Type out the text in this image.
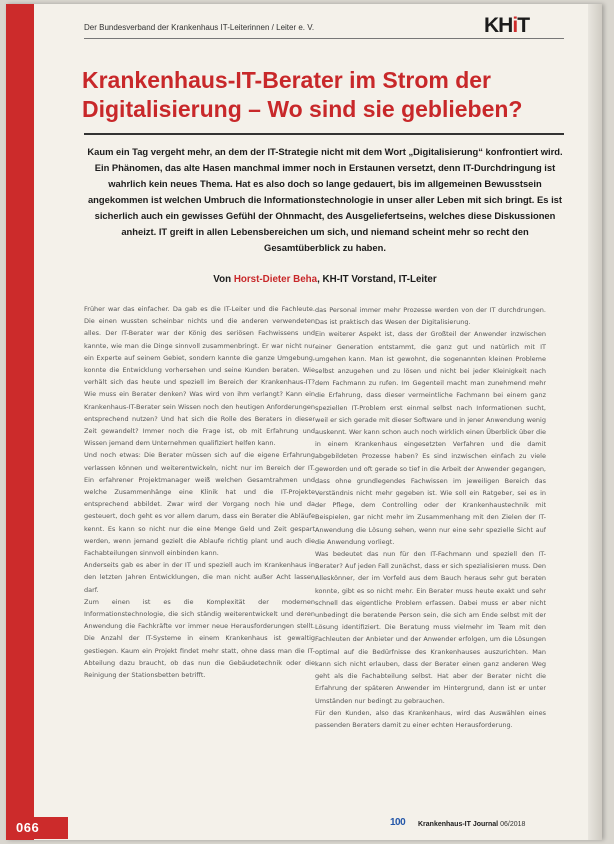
Der Bundesverband der Krankenhaus IT-Leiterinnen / Leiter e. V.	KHiT
Krankenhaus-IT-Berater im Strom der
Digitalisierung – Wo sind sie geblieben?
Kaum ein Tag vergeht mehr, an dem der IT-Strategie nicht mit dem Wort „Digitalisierung“ konfrontiert wird. Ein Phänomen, das alte Hasen manchmal immer noch in Erstaunen versetzt, denn IT-Durchdringung ist wahrlich kein neues Thema. Hat es also doch so lange gedauert, bis im allgemeinen Bewusstsein angekommen ist welchen Umbruch die Informationstechnologie in unser aller Leben mit sich bringt. Es ist sicherlich auch ein gewisses Gefühl der Ohnmacht, des Ausgeliefertseins, welches diese Diskussionen anheizt. IT greift in allen Lebensbereichen um sich, und niemand scheint mehr so recht den Gesamtüberblick zu haben.
Von Horst-Dieter Beha, KH-IT Vorstand, IT-Leiter

Früher war das einfacher. Da gab es die IT-Leiter und die Fachleute. Die einen wussten scheinbar nichts und die anderen verwendeten alles. Der IT-Berater war der König des seriösen Fachwissens und kannte, wie man die Dinge sinnvoll zusammenbringt. Er war nicht nur ein Experte auf seinem Gebiet, sondern kannte die ganze Umgebung, konnte die Entwicklung vorhersehen und seine Kunden beraten. Wie verhält sich das heute und speziell im Bereich der Krankenhaus-IT? Wie muss ein Berater denken? Was wird von ihm verlangt? Kann ein Krankenhaus-IT-Berater sein Wissen noch den heutigen Anforderungen entsprechend nutzen? Und hat sich die Rolle des Beraters in dieser Zeit gewandelt? Immer noch die Frage ist, ob mit Erfahrung und Wissen jemand dem Unternehmen qualifiziert helfen kann.

Und noch etwas: Die Berater müssen sich auf die eigene Erfahrung verlassen können und weiterentwickeln, nicht nur im Bereich der IT. Ein erfahrener Projektmanager weiß welchen Gesamtrahmen und welche Zusammenhänge eine Klinik hat und die IT-Projekte entsprechend abbildet. Zwar wird der Vorgang noch hie und da gesteuert, doch geht es vor allem darum, dass ein Berater die Abläufe kennt. Es kann so nicht nur die eine Menge Geld und Zeit gespart werden, wenn jemand gezielt die Ablaufe richtig plant und auch die Fachabteilungen sinnvoll einbinden kann.

Anderseits gab es aber in der IT und speziell auch im Krankenhaus in den letzten Jahren Entwicklungen, die man nicht außer Acht lassen darf.

Zum einen ist es die Komplexität der modernen Informationstechnologie, die sich ständig weiterentwickelt und deren Anwendung die Fachkräfte vor immer neue Herausforderungen stellt. Die Anzahl der IT-Systeme in einem Krankenhaus ist gewaltig gestiegen. Kaum ein Projekt findet mehr statt, ohne dass man die IT-Abteilung dazu braucht, ob das nun die Gebäudetechnik oder die Reinigung der Stationsbetten betrifft.

das Personal immer mehr Prozesse werden von der IT durchdrungen. Das ist praktisch das Wesen der Digitalisierung.

Ein weiterer Aspekt ist, dass der Großteil der Anwender inzwischen einer Generation entstammt, die ganz gut und natürlich mit IT umgehen kann. Man ist gewohnt, die sogenannten kleinen Probleme selbst anzugehen und zu lösen und nicht bei jeder Kleinigkeit nach dem Fachmann zu rufen. Im Gegenteil macht man zunehmend mehr die Erfahrung, dass dieser vermeintliche Fachmann bei einem ganz speziellen IT-Problem erst einmal selbst nach Informationen sucht, weil er sich gerade mit dieser Software und in jener Anwendung wenig auskennt. Wer kann schon auch noch wirklich einen Überblick über die in einem Krankenhaus eingesetzten Verfahren und die damit abgebildeten Prozesse haben? Es sind inzwischen einfach zu viele geworden und oft gerade so tief in die Arbeit der Anwender gegangen, dass ohne grundlegendes Fachwissen im jeweiligen Bereich das Verständnis nicht mehr gegeben ist. Wie soll ein Ratgeber, sei es in der Pflege, dem Controlling oder der Krankenhaustechnik mit Beispielen, gar nicht mehr im Zusammenhang mit den Zielen der IT-Anwendung die Lösung sehen, wenn nur eine sehr spezielle Sicht auf die Anwendung vorliegt.

Was bedeutet das nun für den IT-Fachmann und speziell den IT-Berater? Auf jeden Fall zunächst, dass er sich spezialisieren muss. Den Alleskönner, der im Vorfeld aus dem Bauch heraus sehr gut beraten konnte, gibt es so nicht mehr. Ein Berater muss heute exakt und sehr schnell das eigentliche Problem erfassen. Dabei muss er aber nicht unbedingt die beratende Person sein, die sich am Ende selbst mit der Lösung identifiziert. Die Beratung muss vielmehr im Team mit den Fachleuten der Anbieter und der Anwender erfolgen, um die Lösungen optimal auf die Bedürfnisse des Krankenhauses auszurichten. Man kann sich nicht erlauben, dass der Berater einen ganz anderen Weg geht als die Fachabteilung selbst. Hat aber der Berater nicht die Erfahrung der späteren Anwender im Hintergrund, dann ist er unter Umständen nur bedingt zu gebrauchen.

Für den Kunden, also das Krankenhaus, wird das Auswählen eines passenden Beraters damit zu einer echten Herausforderung.

066	100 Krankenhaus-IT Journal 06/2018
